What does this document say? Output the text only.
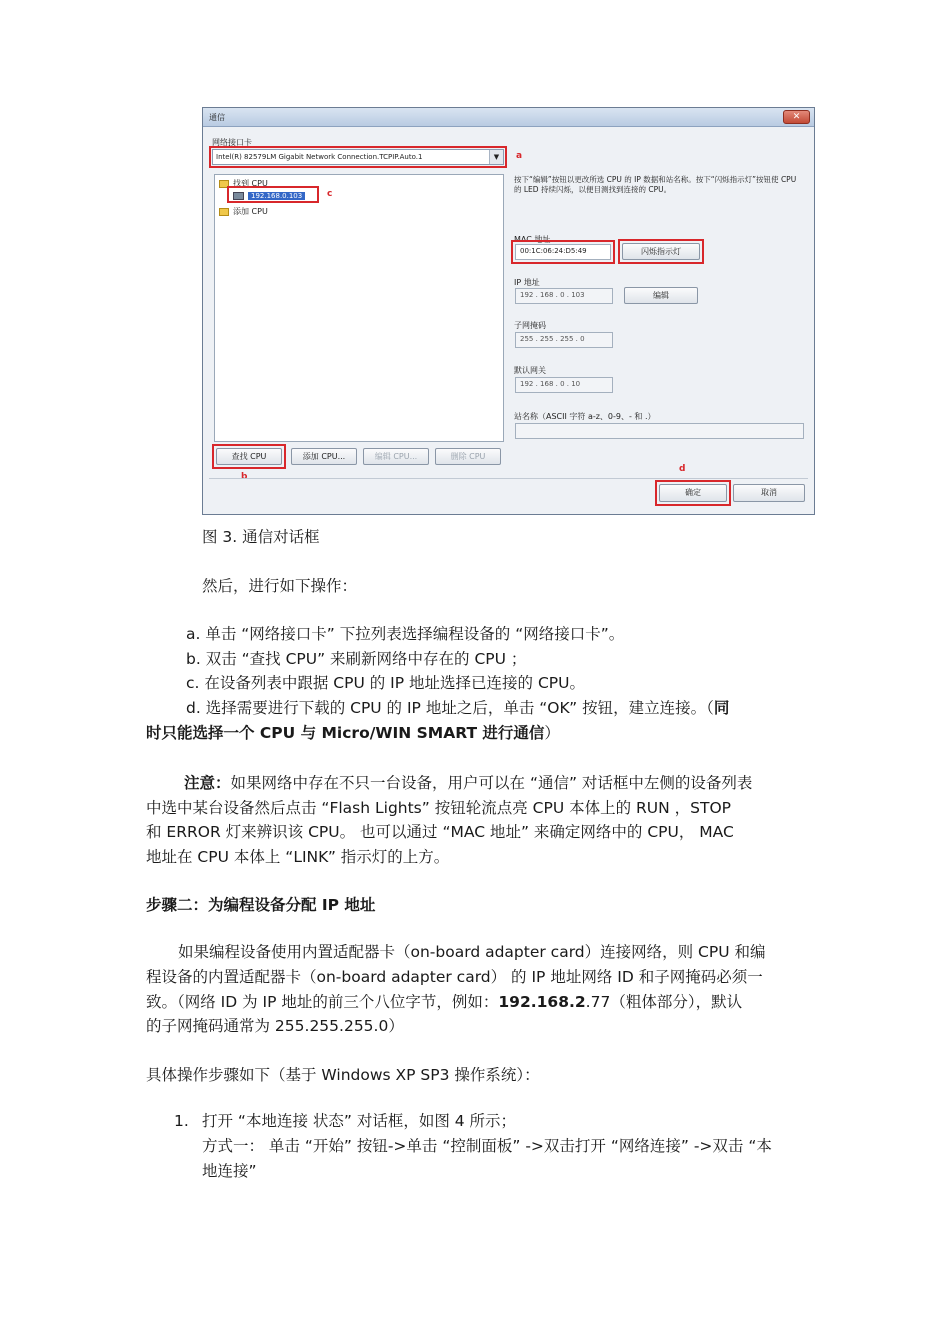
通信	✕
网络接口卡
Intel(R) 82579LM Gigabit Network Connection.TCPIP.Auto.1	▼	a
找到 CPU
192.168.0.103
添加 CPU
c
按下“编辑”按钮以更改所选 CPU 的 IP 数据和站名称。按下“闪烁指示灯”按钮使 CPU 的 LED 持续闪烁，以便目测找到连接的 CPU。
MAC 地址
00:1C:06:24:D5:49	闪烁指示灯
IP 地址
192 . 168 . 0 . 103	编辑
子网掩码
255 . 255 . 255 . 0
默认网关
192 . 168 . 0 . 10
站名称（ASCII 字符 a-z、0-9、- 和 .）
查找 CPU
b
添加 CPU...	编辑 CPU...	删除 CPU
d
确定	取消
图 3. 通信对话框
然后，进行如下操作：
a. 单击 “网络接口卡” 下拉列表选择编程设备的 “网络接口卡”。
b. 双击 “查找 CPU” 来刷新网络中存在的 CPU ；
c. 在设备列表中跟据 CPU 的 IP 地址选择已连接的 CPU。
d. 选择需要进行下载的 CPU 的 IP 地址之后，单击 “OK” 按钮，建立连接。（同
时只能选择一个 CPU 与 Micro/WIN SMART 进行通信）
注意：如果网络中存在不只一台设备，用户可以在 “通信” 对话框中左侧的设备列表
中选中某台设备然后点击 “Flash Lights” 按钮轮流点亮 CPU 本体上的 RUN ，STOP
和 ERROR 灯来辨识该 CPU。 也可以通过 “MAC 地址” 来确定网络中的 CPU， MAC
地址在 CPU 本体上 “LINK” 指示灯的上方。
步骤二：为编程设备分配 IP 地址
如果编程设备使用内置适配器卡（on-board adapter card）连接网络，则 CPU 和编
程设备的内置适配器卡（on-board adapter card） 的 IP 地址网络 ID 和子网掩码必须一
致。（网络 ID 为 IP 地址的前三个八位字节，例如：192.168.2.77（粗体部分），默认
的子网掩码通常为 255.255.255.0）
具体操作步骤如下（基于 Windows XP SP3 操作系统）：
1. 打开 “本地连接 状态” 对话框，如图 4 所示；
方式一： 单击 “开始” 按钮->单击 “控制面板” ->双击打开 “网络连接” ->双击 “本
地连接”
